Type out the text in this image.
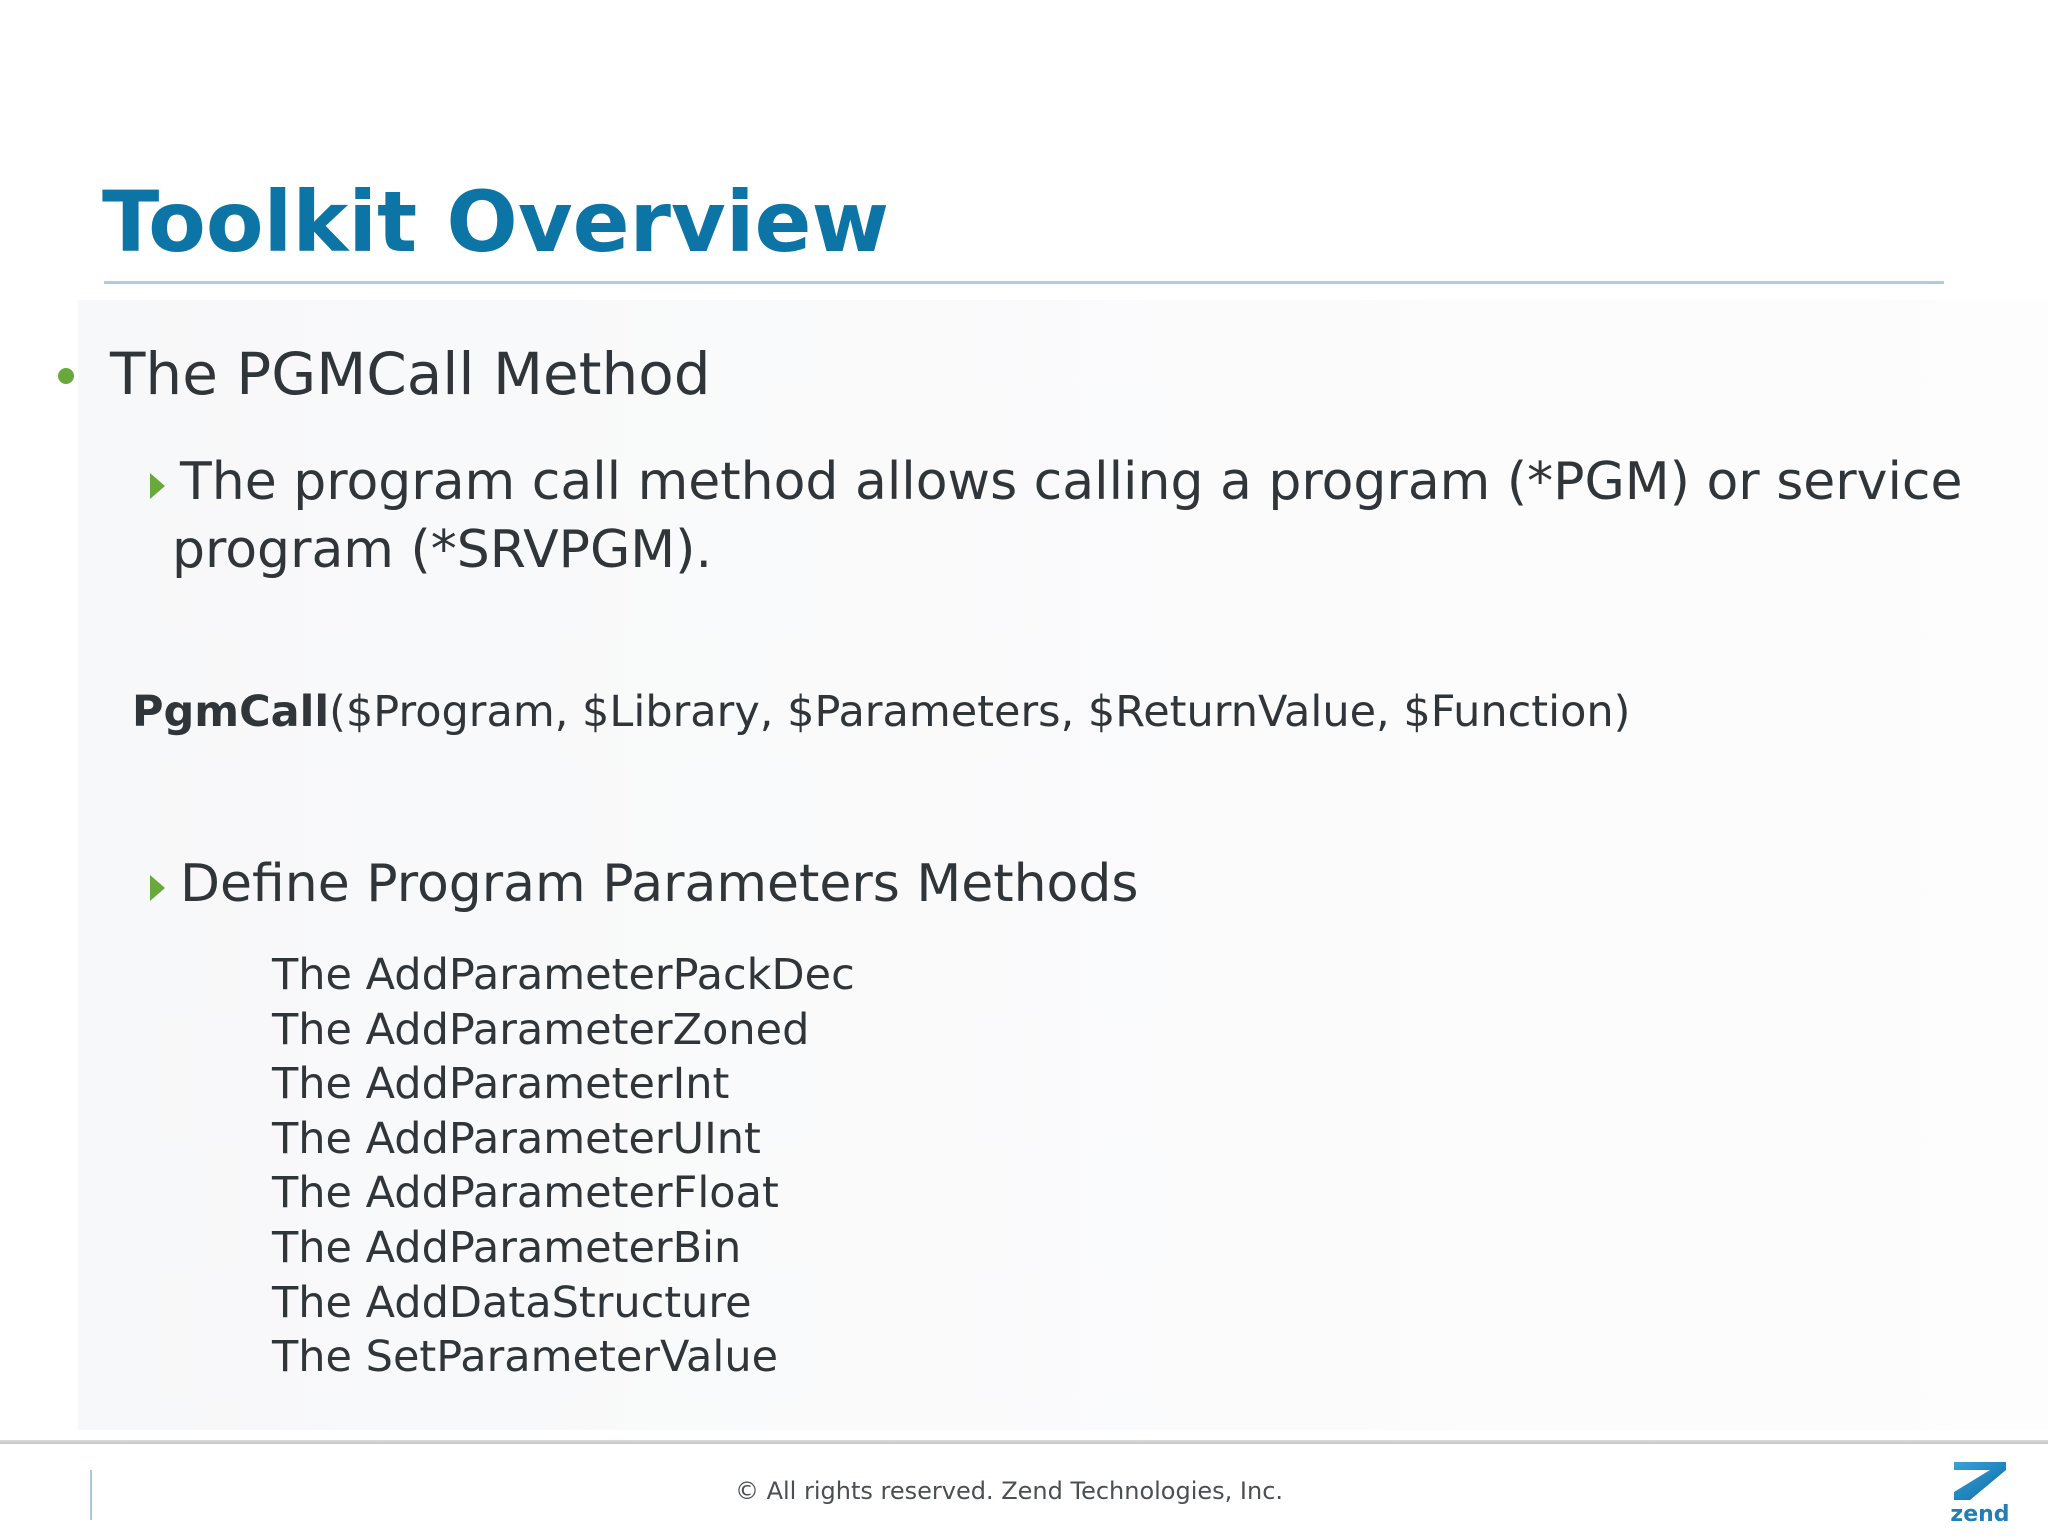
Toolkit Overview
The PGMCall Method
The program call method allows calling a program (*PGM) or service
program (*SRVPGM).
PgmCall($Program, $Library, $Parameters, $ReturnValue, $Function)
Define Program Parameters Methods
The AddParameterPackDec
The AddParameterZoned
The AddParameterInt
The AddParameterUInt
The AddParameterFloat
The AddParameterBin
The AddDataStructure
The SetParameterValue
© All rights reserved. Zend Technologies, Inc.
zend
